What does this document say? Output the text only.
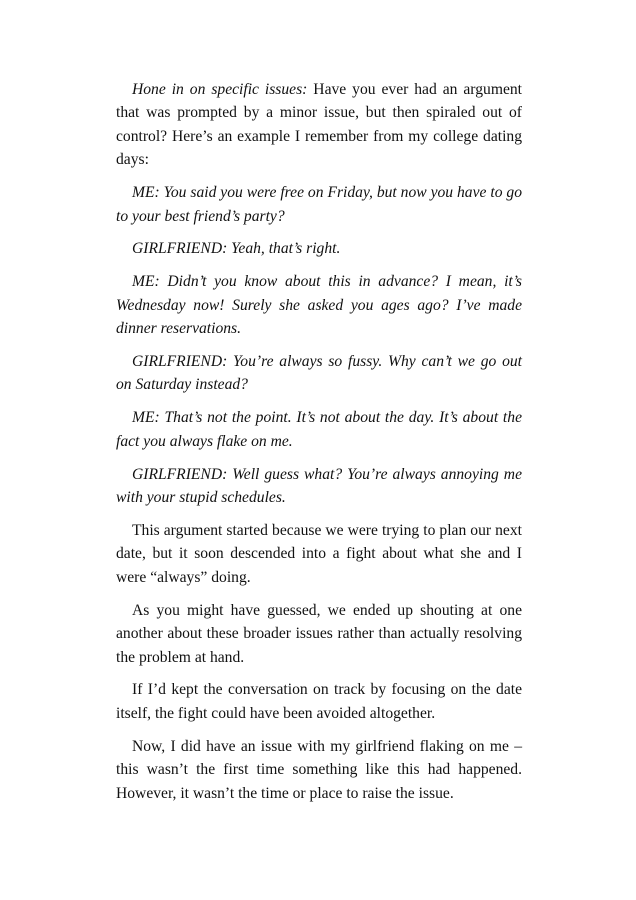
Hone in on specific issues: Have you ever had an argument that was prompted by a minor issue, but then spiraled out of control? Here’s an example I remember from my college dating days:

ME: You said you were free on Friday, but now you have to go to your best friend’s party?

GIRLFRIEND: Yeah, that’s right.

ME: Didn’t you know about this in advance? I mean, it’s Wednesday now! Surely she asked you ages ago? I’ve made dinner reservations.

GIRLFRIEND: You’re always so fussy. Why can’t we go out on Saturday instead?

ME: That’s not the point. It’s not about the day. It’s about the fact you always flake on me.

GIRLFRIEND: Well guess what? You’re always annoying me with your stupid schedules.

This argument started because we were trying to plan our next date, but it soon descended into a fight about what she and I were “always” doing.

As you might have guessed, we ended up shouting at one another about these broader issues rather than actually resolving the problem at hand.

If I’d kept the conversation on track by focusing on the date itself, the fight could have been avoided altogether.

Now, I did have an issue with my girlfriend flaking on me – this wasn’t the first time something like this had happened. However, it wasn’t the time or place to raise the issue.
